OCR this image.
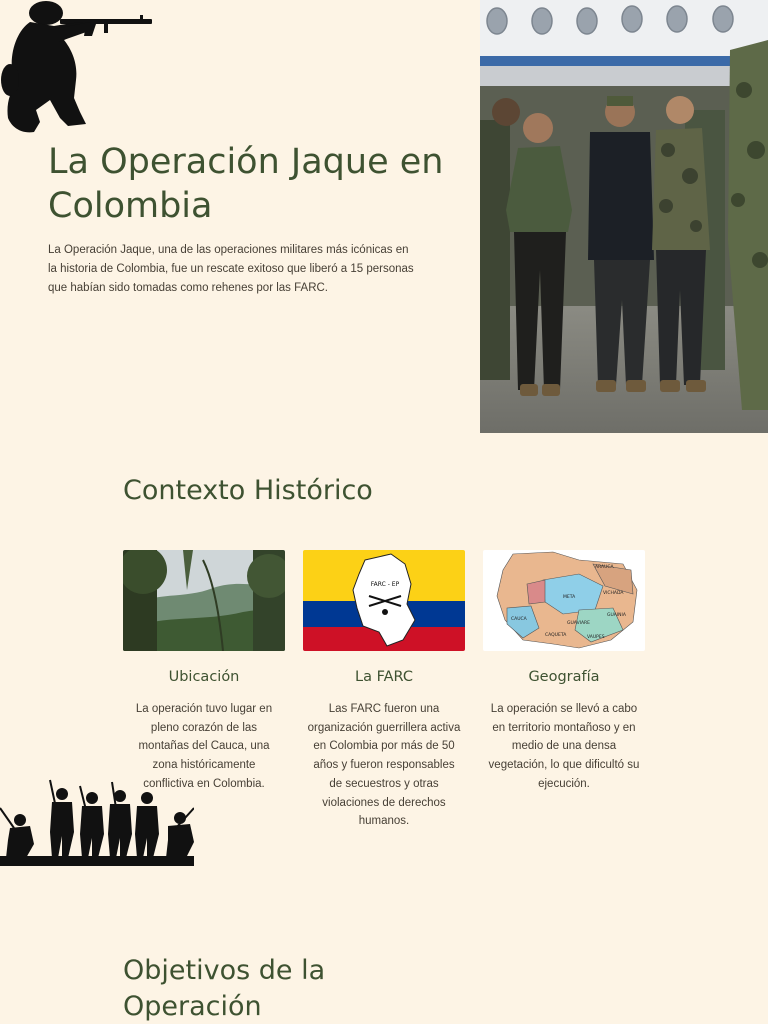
La Operación Jaque en Colombia

La Operación Jaque, una de las operaciones militares más icónicas en la historia de Colombia, fue un rescate exitoso que liberó a 15 personas que habían sido tomadas como rehenes por las FARC.

Contexto Histórico
Ubicación
La operación tuvo lugar en pleno corazón de las montañas del Cauca, una zona históricamente conflictiva en Colombia.
FARC - EP
La FARC
Las FARC fueron una organización guerrillera activa en Colombia por más de 50 años y fueron responsables de secuestros y otras violaciones de derechos humanos.
ARAUCA
VICHADA
META
GUAINIA
GUAVIARE
CAUCA
CAQUETA	VAUPES
Geografía
La operación se llevó a cabo en territorio montañoso y en medio de una densa vegetación, lo que dificultó su ejecución.
Objetivos de la Operación
